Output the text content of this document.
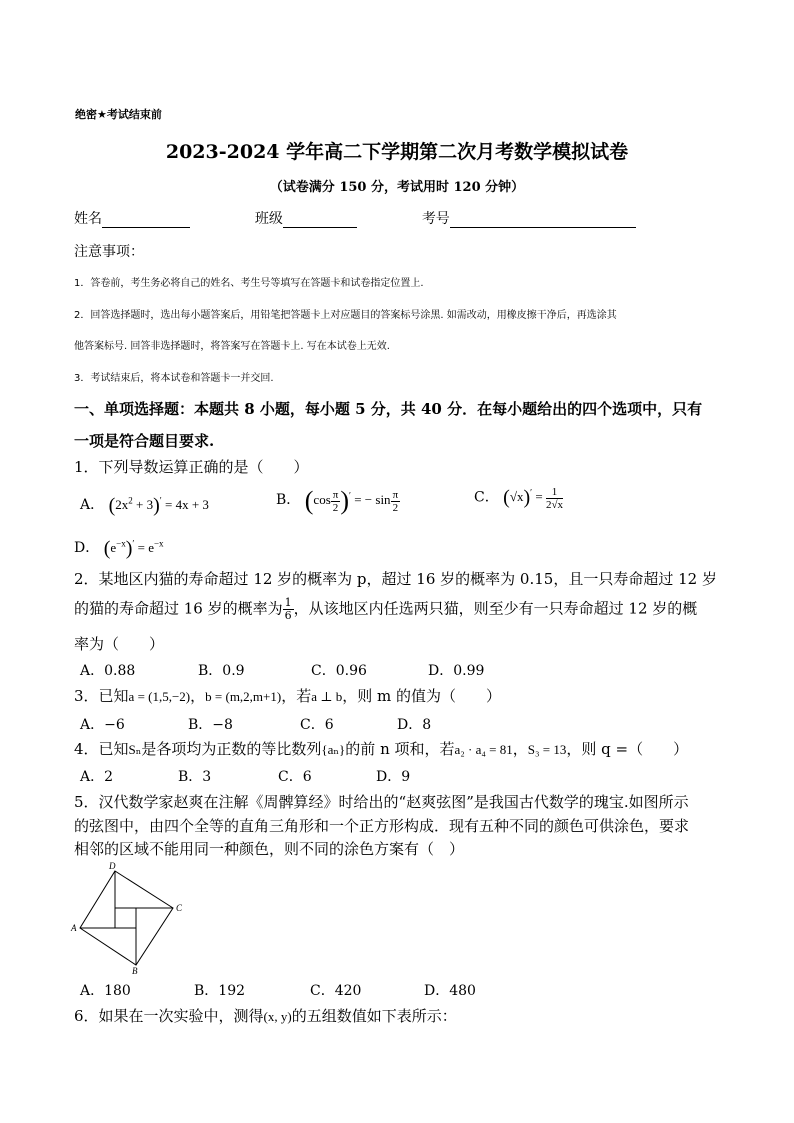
绝密★考试结束前
2023-2024 学年高二下学期第二次月考数学模拟试卷
（试卷满分 150 分，考试用时 120 分钟）
姓名	班级	考号
注意事项：
1．答卷前，考生务必将自己的姓名、考生号等填写在答题卡和试卷指定位置上.
2．回答选择题时，选出每小题答案后，用铅笔把答题卡上对应题目的答案标号涂黑. 如需改动，用橡皮擦干净后，再选涂其
他答案标号. 回答非选择题时，将答案写在答题卡上. 写在本试卷上无效.
3．考试结束后，将本试卷和答题卡一并交回.
一、单项选择题：本题共 8 小题，每小题 5 分，共 40 分．在每小题给出的四个选项中，只有
一项是符合题目要求.
1．下列导数运算正确的是（　　）
A． $(2x^2 + 3)' = 4x + 3$	B． $(\cos \frac{\pi}{2} )'$ = − $\sin \frac{\pi}{2}$	C． $(√x)' = \frac{1}{2√x}$
D． $(e^{-x})' = e^{-x}$
2．某地区内猫的寿命超过 12 岁的概率为 p，超过 16 岁的概率为 0.15，且一只寿命超过 12 岁
的猫的寿命超过 16 岁的概率为 $\frac{1}{6}$ ，从该地区内任选两只猫，则至少有一只寿命超过 12 岁的概
率为（　　）
A．0.88	B．0.9	C．0.96	D．0.99
3．已知a = (1,5,−2)，b = (m,2,m+1)，若a ⊥ b，则 m 的值为（　　）
A．−6	B．−8	C．6	D．8
4．已知Sₙ是各项均为正数的等比数列{aₙ}的前 n 项和，若a₂ · a₄ = 81，S₃ = 13，则 q =（　　）
A．2	B．3	C．6	D．9
5．汉代数学家赵爽在注解《周髀算经》时给出的“赵爽弦图”是我国古代数学的瑰宝.如图所示
的弦图中，由四个全等的直角三角形和一个正方形构成．现有五种不同的颜色可供涂色，要求
相邻的区域不能用同一种颜色，则不同的涂色方案有（　）
D
A
C
B
A．180	B．192	C．420	D．480
6．如果在一次实验中，测得(x, y)的五组数值如下表所示：
